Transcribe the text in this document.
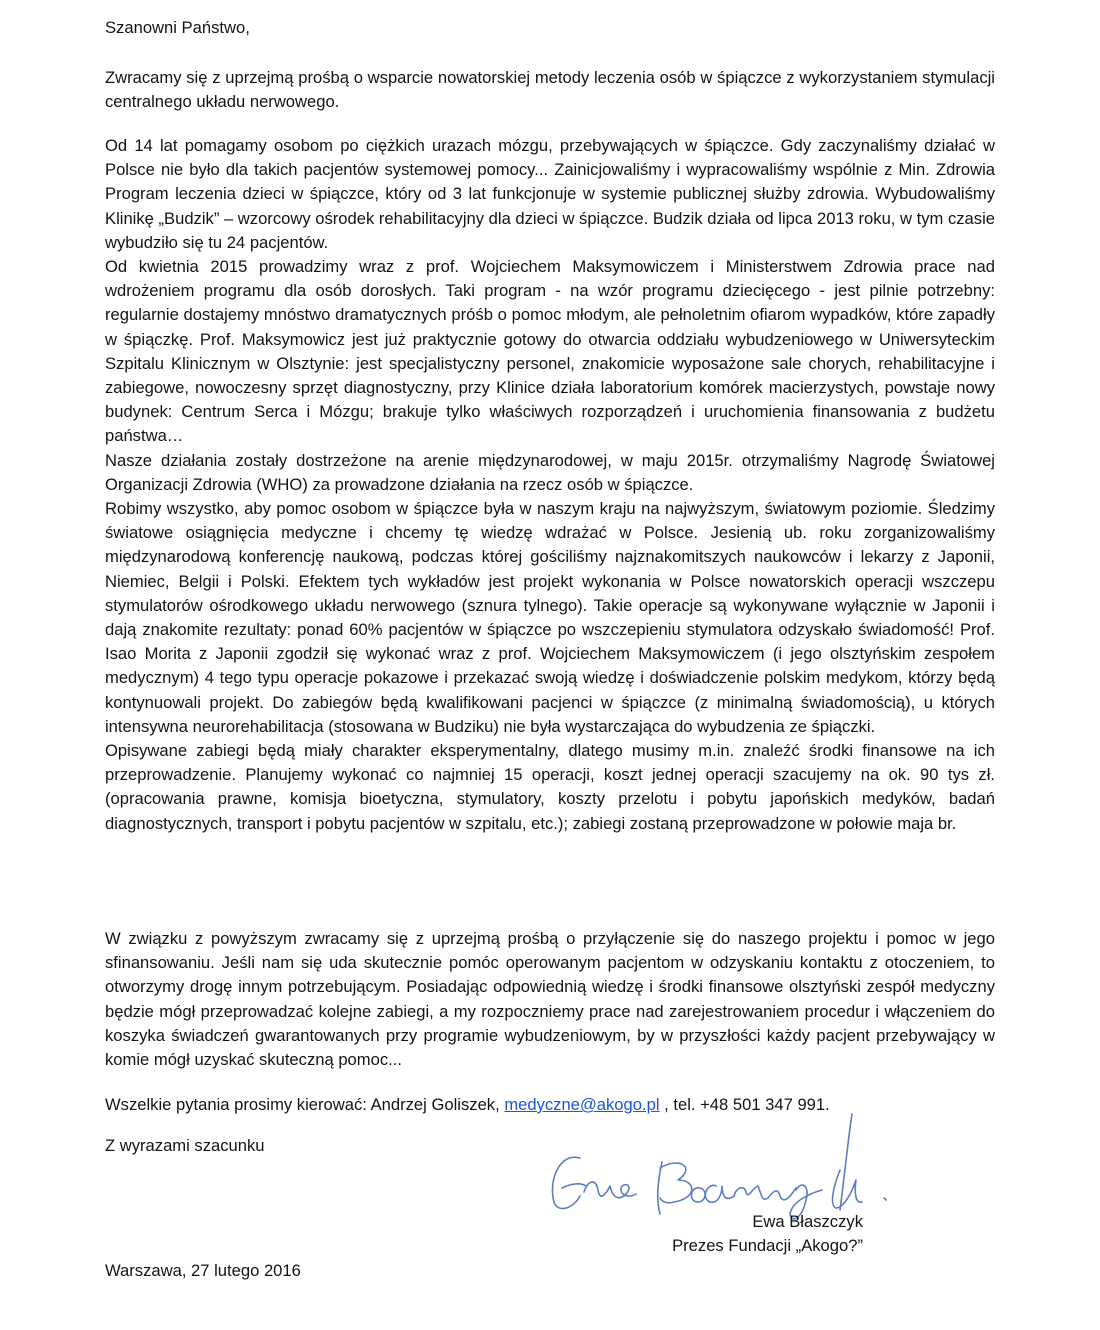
Szanowni Państwo,

Zwracamy się z uprzejmą prośbą o wsparcie nowatorskiej metody leczenia osób w śpiączce z wykorzystaniem stymulacji centralnego układu nerwowego.

Od 14 lat pomagamy osobom po ciężkich urazach mózgu, przebywających w śpiączce. Gdy zaczynaliśmy działać w Polsce nie było dla takich pacjentów systemowej pomocy... Zainicjowaliśmy i wypracowaliśmy wspólnie z Min. Zdrowia Program leczenia dzieci w śpiączce, który od 3 lat funkcjonuje w systemie publicznej służby zdrowia. Wybudowaliśmy Klinikę „Budzik” – wzorcowy ośrodek rehabilitacyjny dla dzieci w śpiączce. Budzik działa od lipca 2013 roku, w tym czasie wybudziło się tu 24 pacjentów.

Od kwietnia 2015 prowadzimy wraz z prof. Wojciechem Maksymowiczem i Ministerstwem Zdrowia prace nad wdrożeniem programu dla osób dorosłych. Taki program - na wzór programu dziecięcego - jest pilnie potrzebny: regularnie dostajemy mnóstwo dramatycznych próśb o pomoc młodym, ale pełnoletnim ofiarom wypadków, które zapadły w śpiączkę. Prof. Maksymowicz jest już praktycznie gotowy do otwarcia oddziału wybudzeniowego w Uniwersyteckim Szpitalu Klinicznym w Olsztynie: jest specjalistyczny personel, znakomicie wyposażone sale chorych, rehabilitacyjne i zabiegowe, nowoczesny sprzęt diagnostyczny, przy Klinice działa laboratorium komórek macierzystych, powstaje nowy budynek: Centrum Serca i Mózgu; brakuje tylko właściwych rozporządzeń i uruchomienia finansowania z budżetu państwa…

Nasze działania zostały dostrzeżone na arenie międzynarodowej, w maju 2015r. otrzymaliśmy Nagrodę Światowej Organizacji Zdrowia (WHO) za prowadzone działania na rzecz osób w śpiączce.

Robimy wszystko, aby pomoc osobom w śpiączce była w naszym kraju na najwyższym, światowym poziomie. Śledzimy światowe osiągnięcia medyczne i chcemy tę wiedzę wdrażać w Polsce. Jesienią ub. roku zorganizowaliśmy międzynarodową konferencję naukową, podczas której gościliśmy najznakomitszych naukowców i lekarzy z Japonii, Niemiec, Belgii i Polski. Efektem tych wykładów jest projekt wykonania w Polsce nowatorskich operacji wszczepu stymulatorów ośrodkowego układu nerwowego (sznura tylnego). Takie operacje są wykonywane wyłącznie w Japonii i dają znakomite rezultaty: ponad 60% pacjentów w śpiączce po wszczepieniu stymulatora odzyskało świadomość! Prof. Isao Morita z Japonii zgodził się wykonać wraz z prof. Wojciechem Maksymowiczem (i jego olsztyńskim zespołem medycznym) 4 tego typu operacje pokazowe i przekazać swoją wiedzę i doświadczenie polskim medykom, którzy będą kontynuowali projekt. Do zabiegów będą kwalifikowani pacjenci w śpiączce (z minimalną świadomością), u których intensywna neurorehabilitacja (stosowana w Budziku) nie była wystarczająca do wybudzenia ze śpiączki.

Opisywane zabiegi będą miały charakter eksperymentalny, dlatego musimy m.in. znaleźć środki finansowe na ich przeprowadzenie. Planujemy wykonać co najmniej 15 operacji, koszt jednej operacji szacujemy na ok. 90 tys zł. (opracowania prawne, komisja bioetyczna, stymulatory, koszty przelotu i pobytu japońskich medyków, badań diagnostycznych, transport i pobytu pacjentów w szpitalu, etc.); zabiegi zostaną przeprowadzone w połowie maja br.

W związku z powyższym zwracamy się z uprzejmą prośbą o przyłączenie się do naszego projektu i pomoc w jego sfinansowaniu. Jeśli nam się uda skutecznie pomóc operowanym pacjentom w odzyskaniu kontaktu z otoczeniem, to otworzymy drogę innym potrzebującym. Posiadając odpowiednią wiedzę i środki finansowe olsztyński zespół medyczny będzie mógł przeprowadzać kolejne zabiegi, a my rozpoczniemy prace nad zarejestrowaniem procedur i włączeniem do koszyka świadczeń gwarantowanych przy programie wybudzeniowym, by w przyszłości każdy pacjent przebywający w komie mógł uzyskać skuteczną pomoc...

Wszelkie pytania prosimy kierować: Andrzej Goliszek, medyczne@akogo.pl , tel. +48 501 347 991.

Z wyrazami szacunku

Ewa Błaszczyk
Prezes Fundacji „Akogo?”

Warszawa, 27 lutego 2016
